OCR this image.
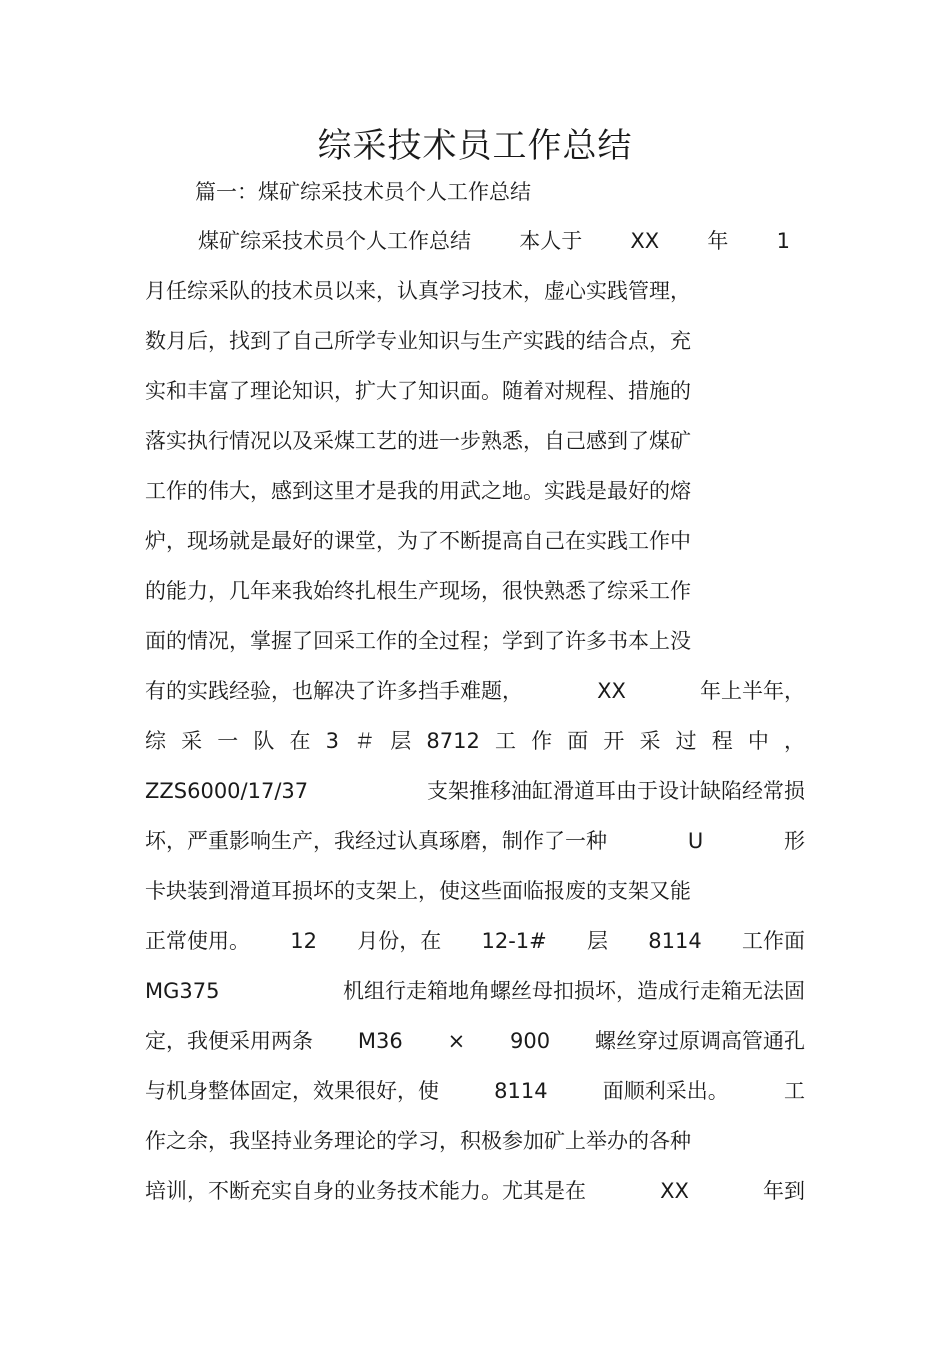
综采技术员工作总结
篇一：煤矿综采技术员个人工作总结
煤矿综采技术员个人工作总结 本人于 XX 年 1
月任综采队的技术员以来，认真学习技术，虚心实践管理，
数月后，找到了自己所学专业知识与生产实践的结合点，充
实和丰富了理论知识，扩大了知识面。随着对规程、措施的
落实执行情况以及采煤工艺的进一步熟悉，自己感到了煤矿
工作的伟大，感到这里才是我的用武之地。实践是最好的熔
炉，现场就是最好的课堂，为了不断提高自己在实践工作中
的能力，几年来我始终扎根生产现场，很快熟悉了综采工作
面的情况，掌握了回采工作的全过程；学到了许多书本上没
有的实践经验，也解决了许多挡手难题，	XX	年上半年，
综 采 一 队 在 3 ＃ 层 8712 工 作 面 开 采 过 程 中 ，
ZZS6000/17/37	支架推移油缸滑道耳由于设计缺陷经常损
坏，严重影响生产，我经过认真琢磨，制作了一种	U	形
卡块装到滑道耳损坏的支架上，使这些面临报废的支架又能
正常使用。 12 月份，在 12-1# 层 8114 工作面
MG375	机组行走箱地角螺丝母扣损坏，造成行走箱无法固
定，我便采用两条 M36 × 900 螺丝穿过原调高管通孔
与机身整体固定，效果很好，使	8114	面顺利采出。	工
作之余，我坚持业务理论的学习，积极参加矿上举办的各种
培训，不断充实自身的业务技术能力。尤其是在	XX	年到
